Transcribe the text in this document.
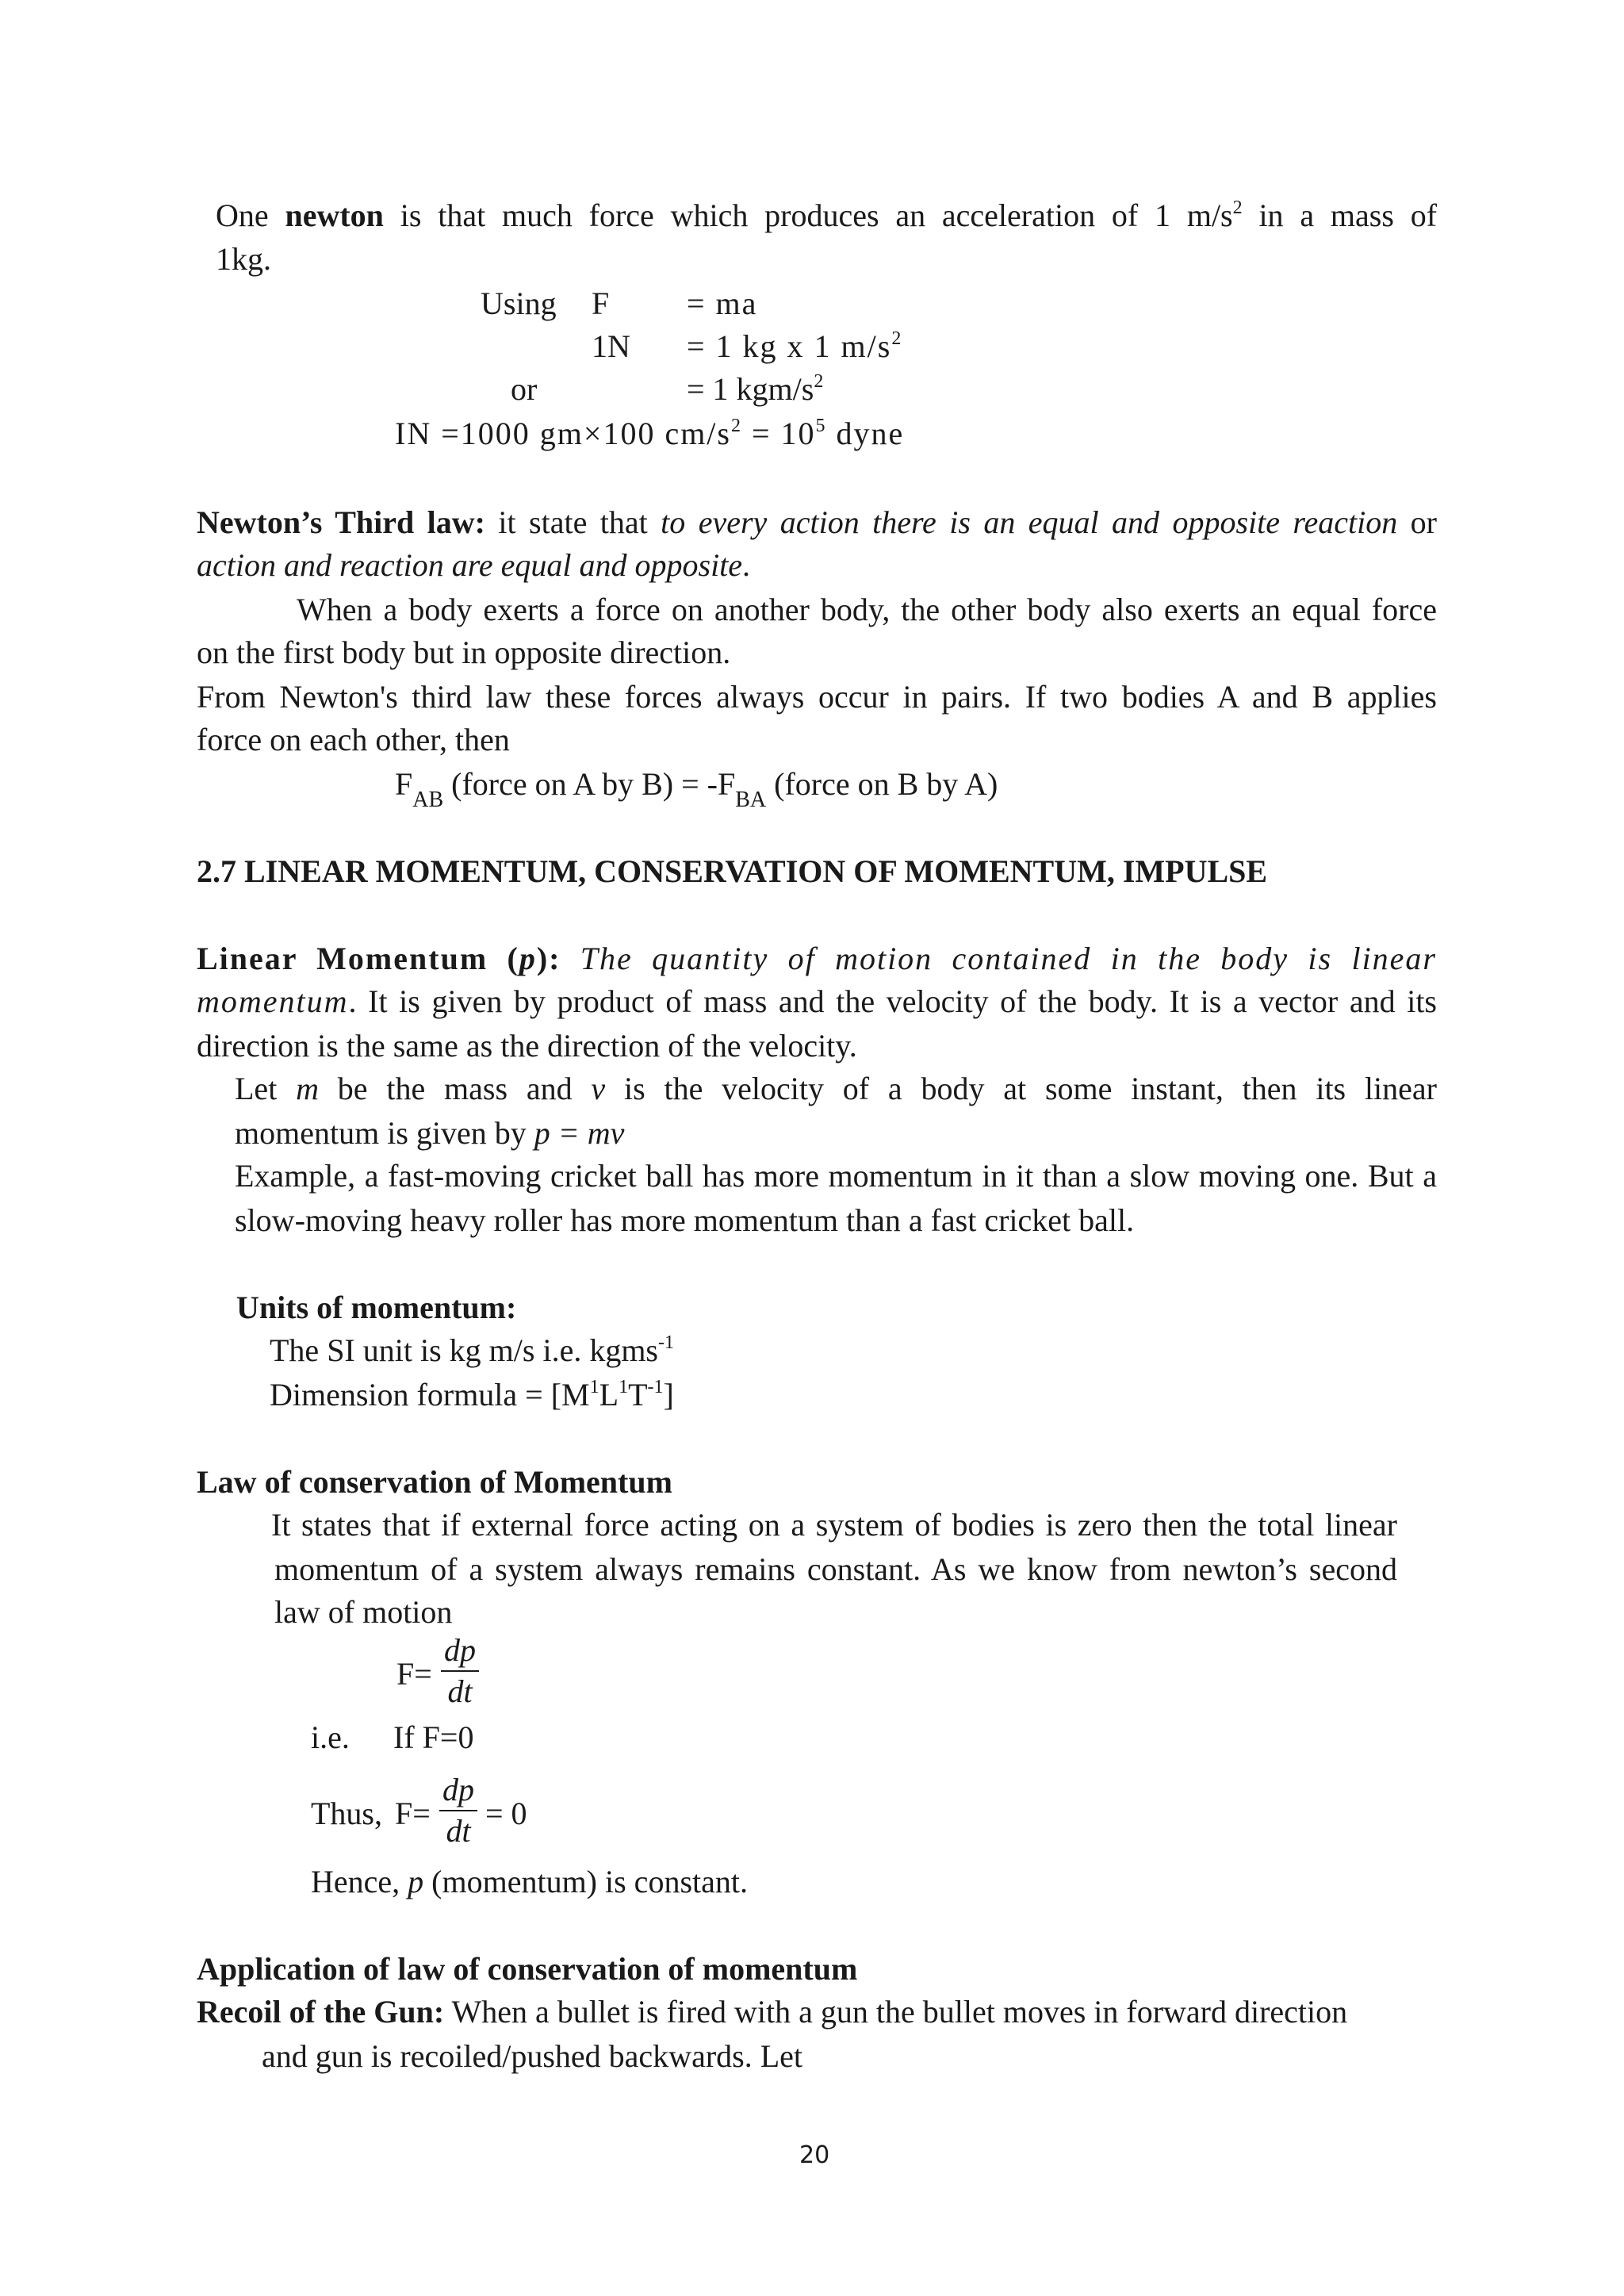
One newton is that much force which produces an acceleration of 1 $m/s^2$ in a mass of

1kg.

Using F = ma
1N = 1 kg x 1 $m/s^2$
or	= 1 kgm/$s^2$
IN =1000 gm×100 $cm/s^2 = 10^5$ dyne

Newton’s Third law: it state that to every action there is an equal and opposite reaction or

action and reaction are equal and opposite.

When a body exerts a force on another body, the other body also exerts an equal force

on the first body but in opposite direction.

From Newton's third law these forces always occur in pairs. If two bodies A and B applies

force on each other, then

$F_{AB}$ (force on A by $B) = -F_{BA}$ (force on B by A)

2.7 LINEAR MOMENTUM, CONSERVATION OF MOMENTUM, IMPULSE

Linear Momentum (p): The quantity of motion contained in the body is linear

momentum. It is given by product of mass and the velocity of the body. It is a vector and its

direction is the same as the direction of the velocity.

Let m be the mass and v is the velocity of a body at some instant, then its linear

momentum is given by p = mv

Example, a fast-moving cricket ball has more momentum in it than a slow moving one. But a

slow-moving heavy roller has more momentum than a fast cricket ball.

Units of momentum:

The SI unit is kg m/s i.e. kgms$^{-1}$

Dimension formula = $[M^1L^1T^{-1}]$

Law of conservation of Momentum

It states that if external force acting on a system of bodies is zero then the total linear

momentum of a system always remains constant. As we know from newton’s second

law of motion

F=
dp
dt
i.e. If F=0
Thus, F=
dp
dt = 0

Hence, p (momentum) is constant.

Application of law of conservation of momentum

Recoil of the Gun: When a bullet is fired with a gun the bullet moves in forward direction

and gun is recoiled/pushed backwards. Let

20
